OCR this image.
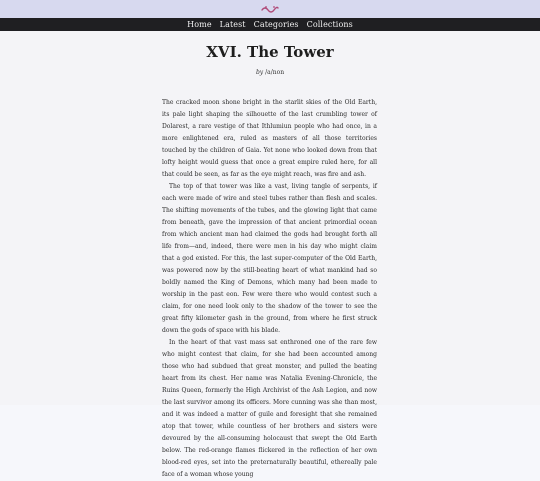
Home Latest Categories Collections
XVI. The Tower
by /a/non

The cracked moon shone bright in the starlit skies of the Old Earth, its pale light shaping the silhouette of the last crumbling tower of Dolarest, a rare vestige of that Ithlumiun people who had once, in a more enlightened era, ruled as masters of all those territories touched by the children of Gaia. Yet none who looked down from that lofty height would guess that once a great empire ruled here, for all that could be seen, as far as the eye might reach, was fire and ash.

The top of that tower was like a vast, living tangle of serpents, if each were made of wire and steel tubes rather than flesh and scales. The shifting movements of the tubes, and the glowing light that came from beneath, gave the impression of that ancient primordial ocean from which ancient man had claimed the gods had brought forth all life from—and, indeed, there were men in his day who might claim that a god existed. For this, the last super-computer of the Old Earth, was powered now by the still-beating heart of what mankind had so boldly named the King of Demons, which many had been made to worship in the past eon. Few were there who would contest such a claim, for one need look only to the shadow of the tower to see the great fifty kilometer gash in the ground, from where he first struck down the gods of space with his blade.

In the heart of that vast mass sat enthroned one of the rare few who might contest that claim, for she had been accounted among those who had subdued that great monster, and pulled the beating heart from its chest. Her name was Natalia Evening-Chronicle, the Ruins Queen, formerly the High Archivist of the Ash Legion, and now the last survivor among its officers. More cunning was she than most, and it was indeed a matter of guile and foresight that she remained atop that tower, while countless of her brothers and sisters were devoured by the all-consuming holocaust that swept the Old Earth below. The red-orange flames flickered in the reflection of her own blood-red eyes, set into the preternaturally beautiful, ethereally pale face of a woman whose young
